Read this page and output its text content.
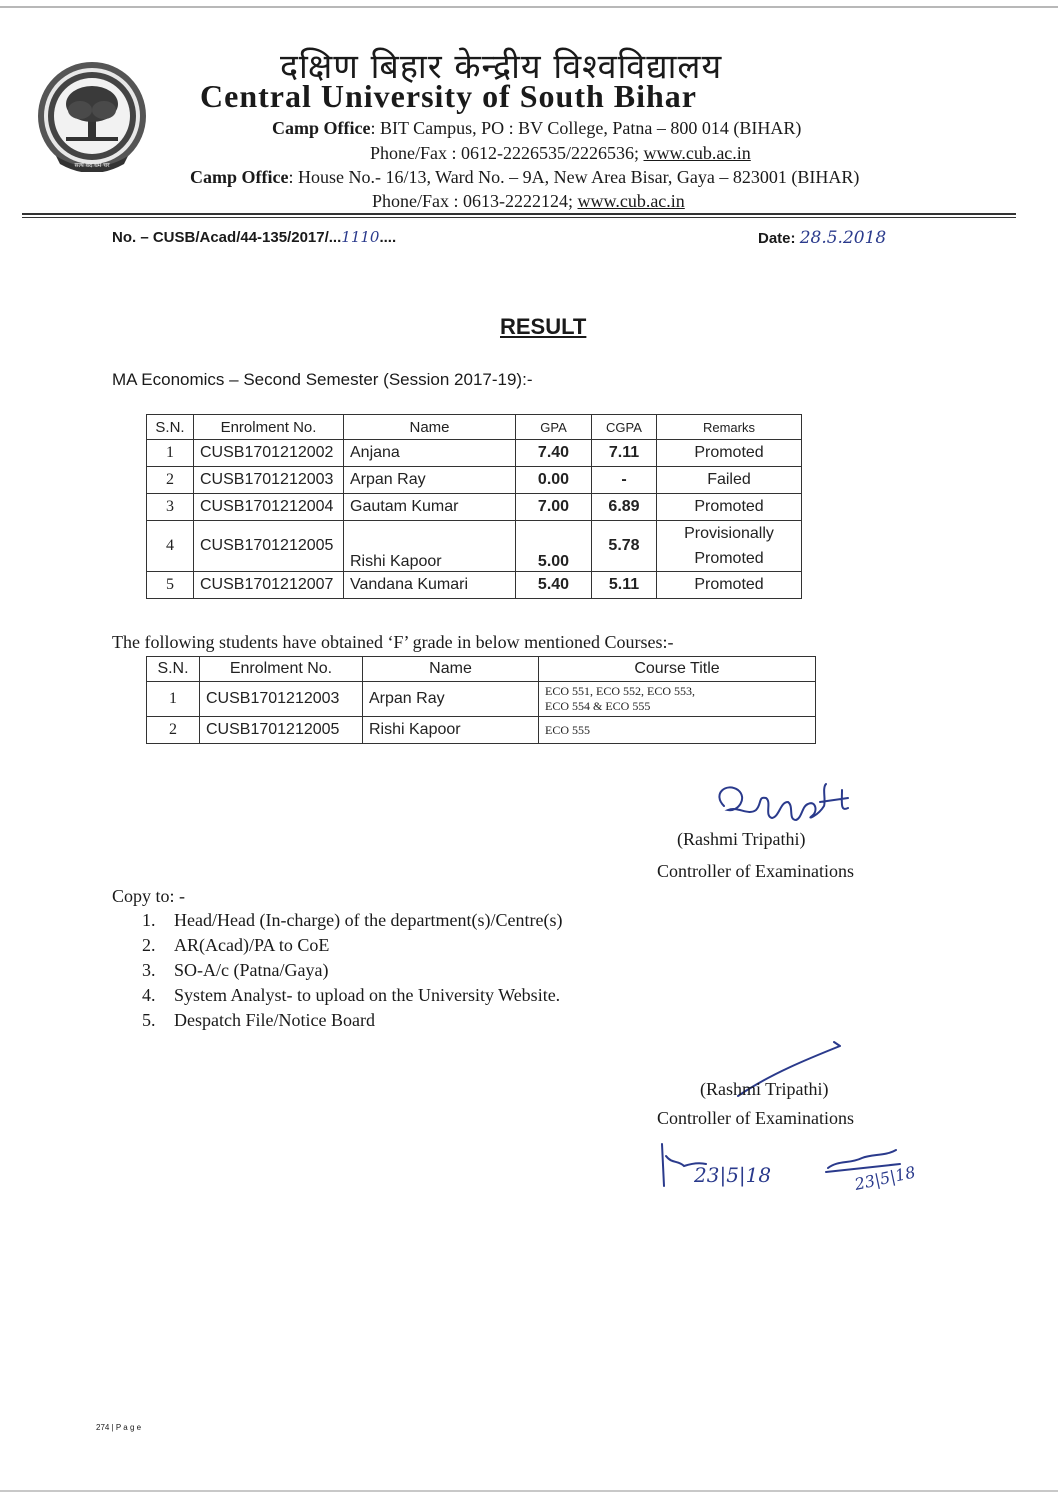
सत्यं वद धर्मं चर
दक्षिण बिहार केन्द्रीय विश्वविद्यालय
Central University of South Bihar
Camp Office: BIT Campus, PO : BV College, Patna – 800 014 (BIHAR)
Phone/Fax : 0612-2226535/2226536; www.cub.ac.in
Camp Office: House No.- 16/13, Ward No. – 9A, New Area Bisar, Gaya – 823001 (BIHAR)
Phone/Fax : 0613-2222124; www.cub.ac.in
No. – CUSB/Acad/44-135/2017/...1110....	Date: 28.5.2018
RESULT
MA Economics – Second Semester (Session 2017-19):-
S.N.	Enrolment No.	Name	GPA	CGPA	Remarks
1	CUSB1701212002	Anjana	7.40	7.11	Promoted
2	CUSB1701212003	Arpan Ray	0.00	-	Failed
3	CUSB1701212004	Gautam Kumar	7.00	6.89	Promoted
4	CUSB1701212005	Rishi Kapoor	5.00	5.78	Provisionally
Promoted
5	CUSB1701212007	Vandana Kumari	5.40	5.11	Promoted
The following students have obtained ‘F’ grade in below mentioned Courses:-
S.N.	Enrolment No.	Name	Course Title
1	CUSB1701212003	Arpan Ray	ECO 551, ECO 552, ECO 553,
ECO 554 & ECO 555
2	CUSB1701212005	Rishi Kapoor	ECO 555
(Rashmi Tripathi)
Controller of Examinations
Copy to: -
1. Head/Head (In-charge) of the department(s)/Centre(s)
2. AR(Acad)/PA to CoE
3. SO-A/c (Patna/Gaya)
4. System Analyst- to upload on the University Website.
5. Despatch File/Notice Board
(Rashmi Tripathi)
Controller of Examinations
23|5|18	23|5|18
274 | P a g e
